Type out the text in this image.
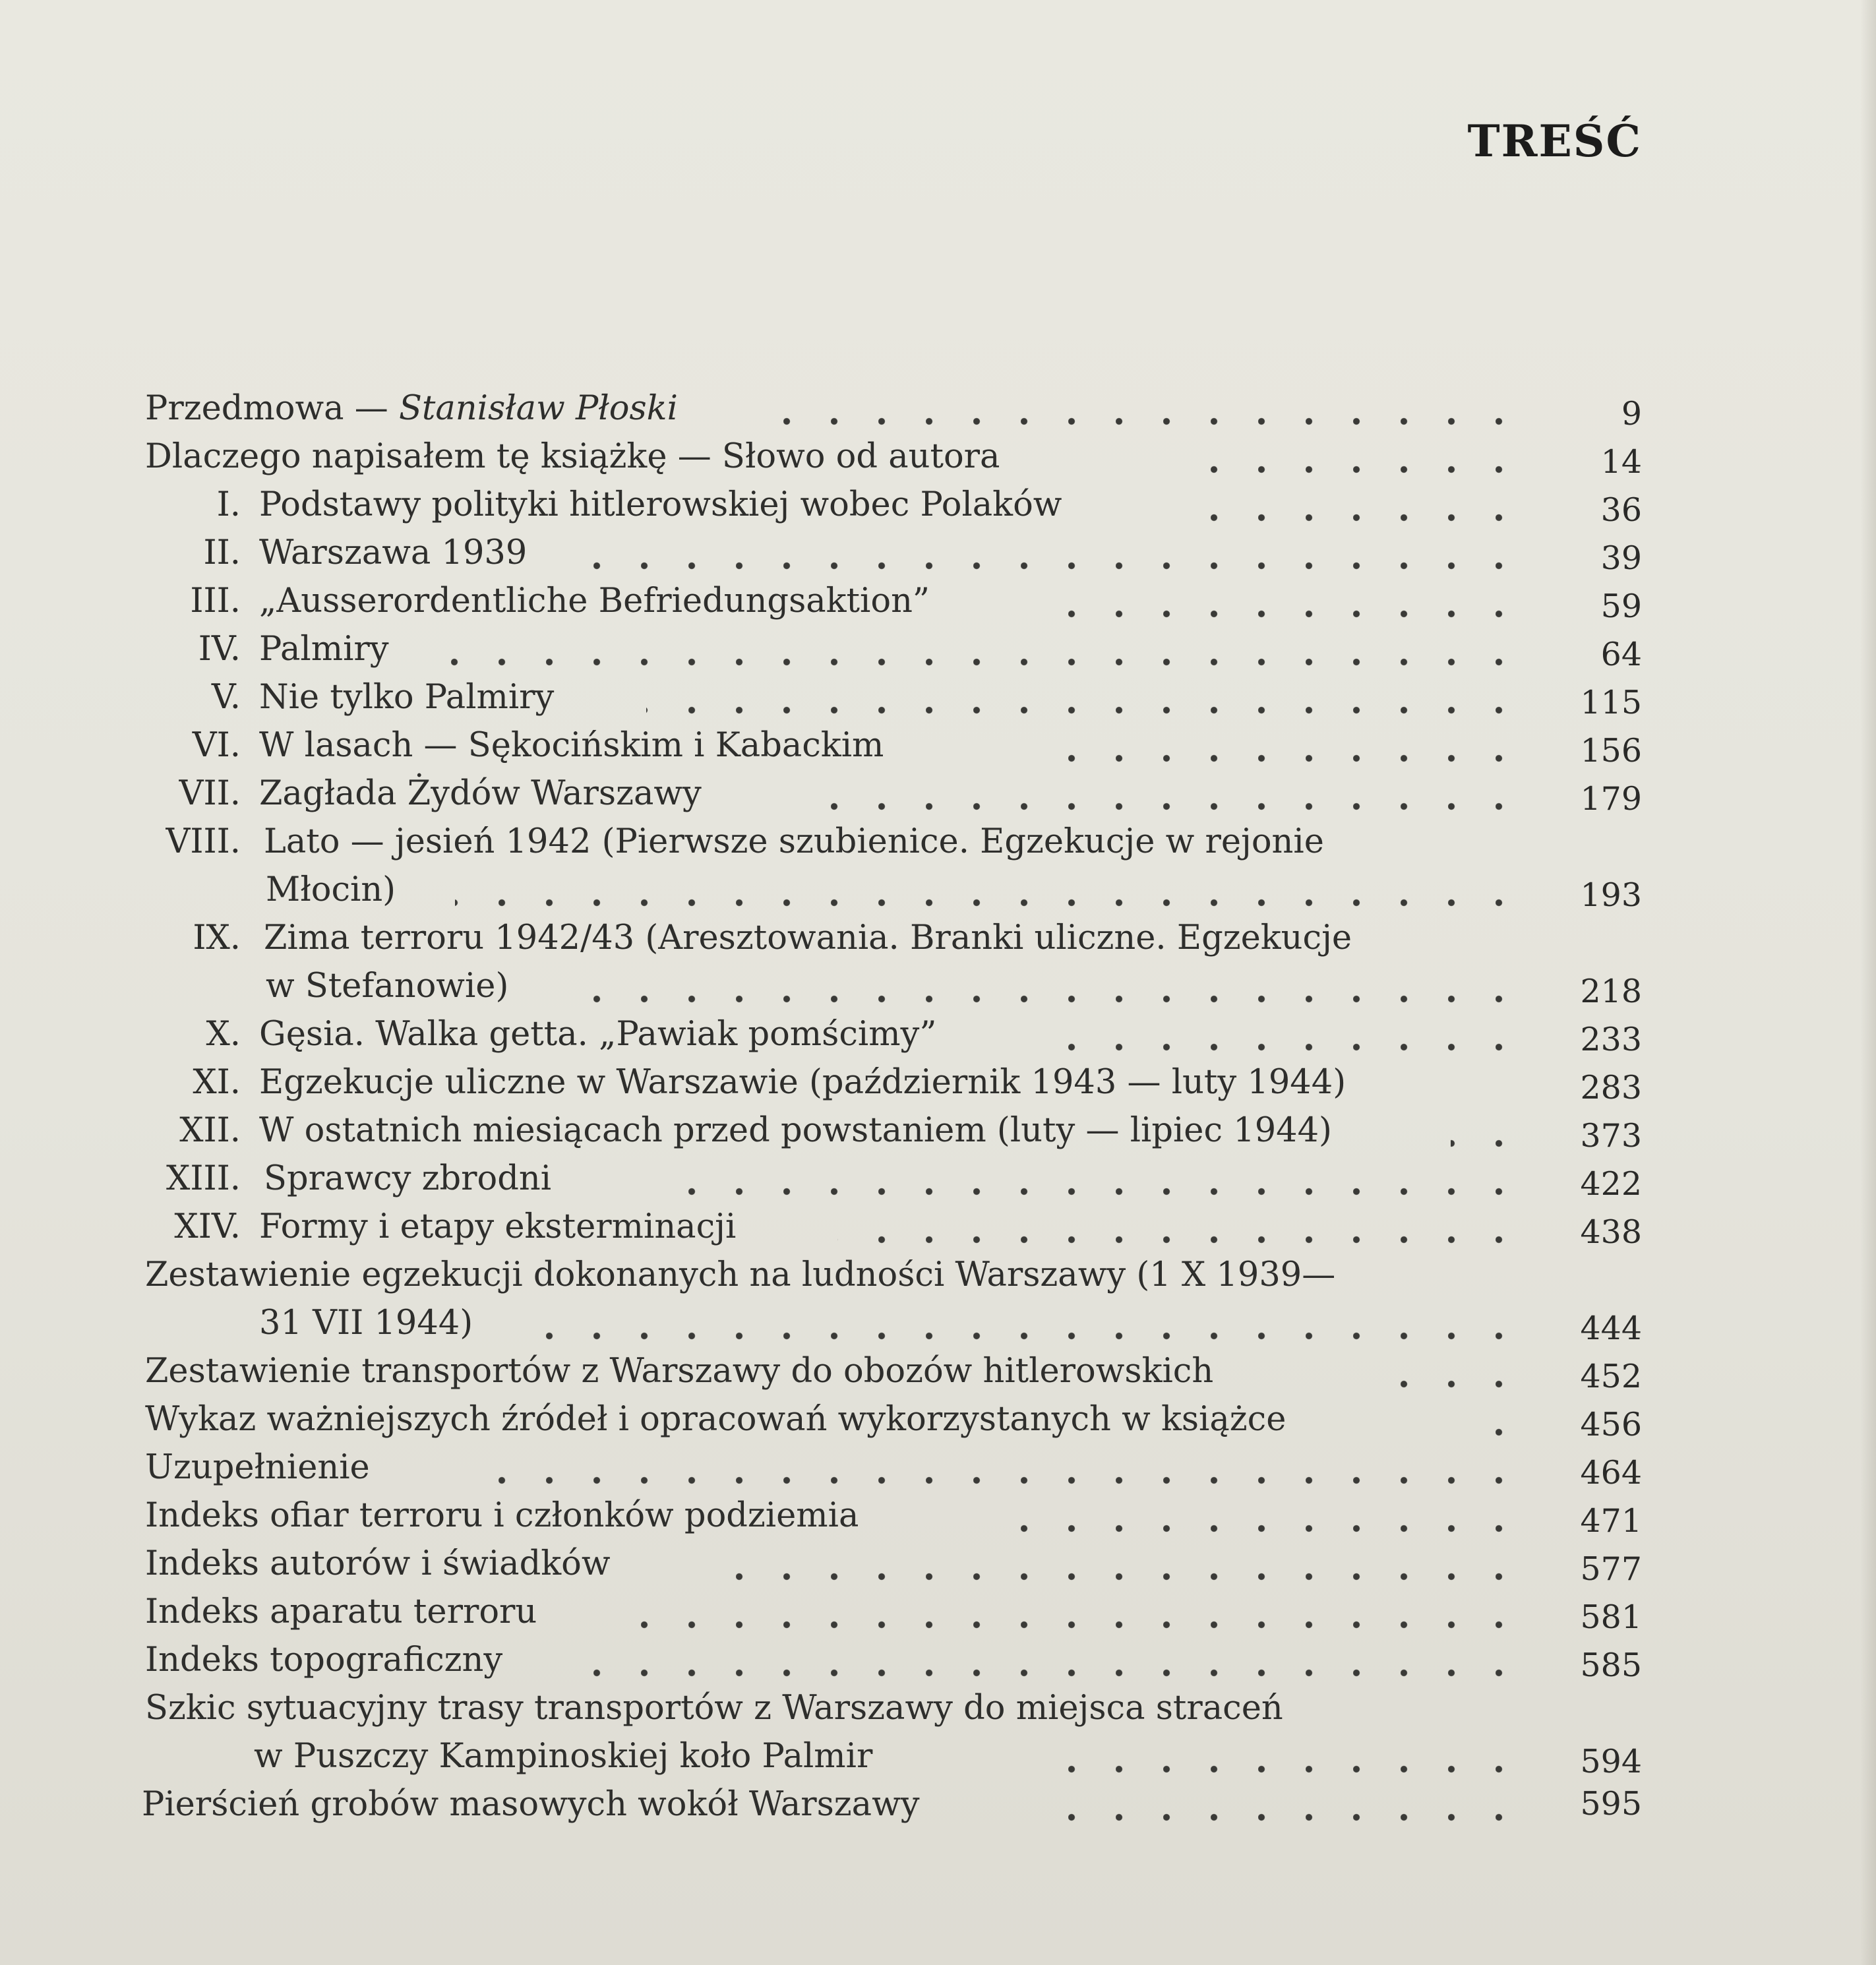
TREŚĆ
Przedmowa — Stanisław Płoski	9
Dlaczego napisałem tę książkę — Słowo od autora	14
I. Podstawy polityki hitlerowskiej wobec Polaków	36
II. Warszawa 1939	39
III. „Ausserordentliche Befriedungsaktion”	59
IV. Palmiry	64
V. Nie tylko Palmiry	115
VI. W lasach — Sękocińskim i Kabackim	156
VII. Zagłada Żydów Warszawy	179
VIII. Lato — jesień 1942 (Pierwsze szubienice. Egzekucje w rejonie
Młocin)	193
IX. Zima terroru 1942/43 (Aresztowania. Branki uliczne. Egzekucje
w Stefanowie)	218
X. Gęsia. Walka getta. „Pawiak pomścimy”	233
XI. Egzekucje uliczne w Warszawie (październik 1943 — luty 1944)	283
XII. W ostatnich miesiącach przed powstaniem (luty — lipiec 1944)	373
XIII. Sprawcy zbrodni	422
XIV. Formy i etapy eksterminacji	438
Zestawienie egzekucji dokonanych na ludności Warszawy (1 X 1939—
31 VII 1944)	444
Zestawienie transportów z Warszawy do obozów hitlerowskich	452
Wykaz ważniejszych źródeł i opracowań wykorzystanych w książce	456
Uzupełnienie	464
Indeks ofiar terroru i członków podziemia	471
Indeks autorów i świadków	577
Indeks aparatu terroru	581
Indeks topograficzny	585
Szkic sytuacyjny trasy transportów z Warszawy do miejsca straceń
w Puszczy Kampinoskiej koło Palmir	594
Pierścień grobów masowych wokół Warszawy	595
